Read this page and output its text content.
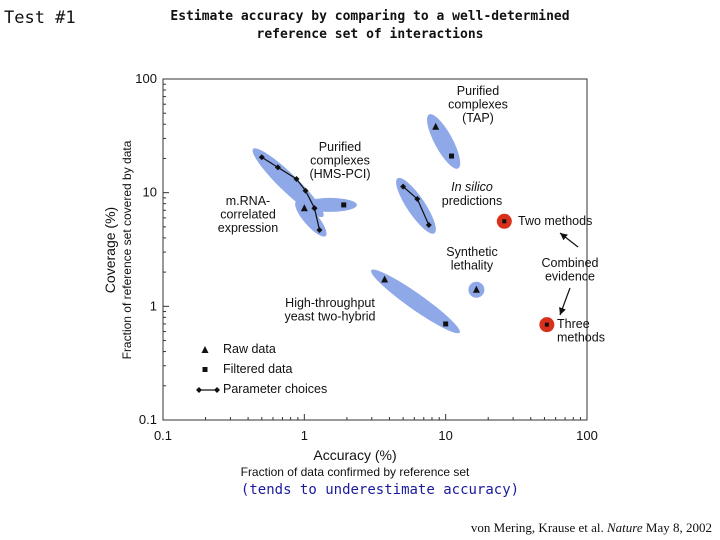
Test #1	Estimate accuracy by comparing to a well-determined
reference set of interactions
0.1	1	10	100
0.1
1
10
100
Accuracy (%)
Fraction of data confirmed by reference set
Coverage (%) Fraction of reference set covered by data
Purified
complexes
(TAP)
Purified
complexes
(HMS-PCI)
m.RNA-
correlated
expression
In silico
predictions
Synthetic
lethality
High-throughput
yeast two-hybrid
Two methods
Three
methods
Combined
evidence
Raw data
Filtered data
Parameter choices
(tends to underestimate accuracy)
von Mering, Krause et al. Nature May 8, 2002
